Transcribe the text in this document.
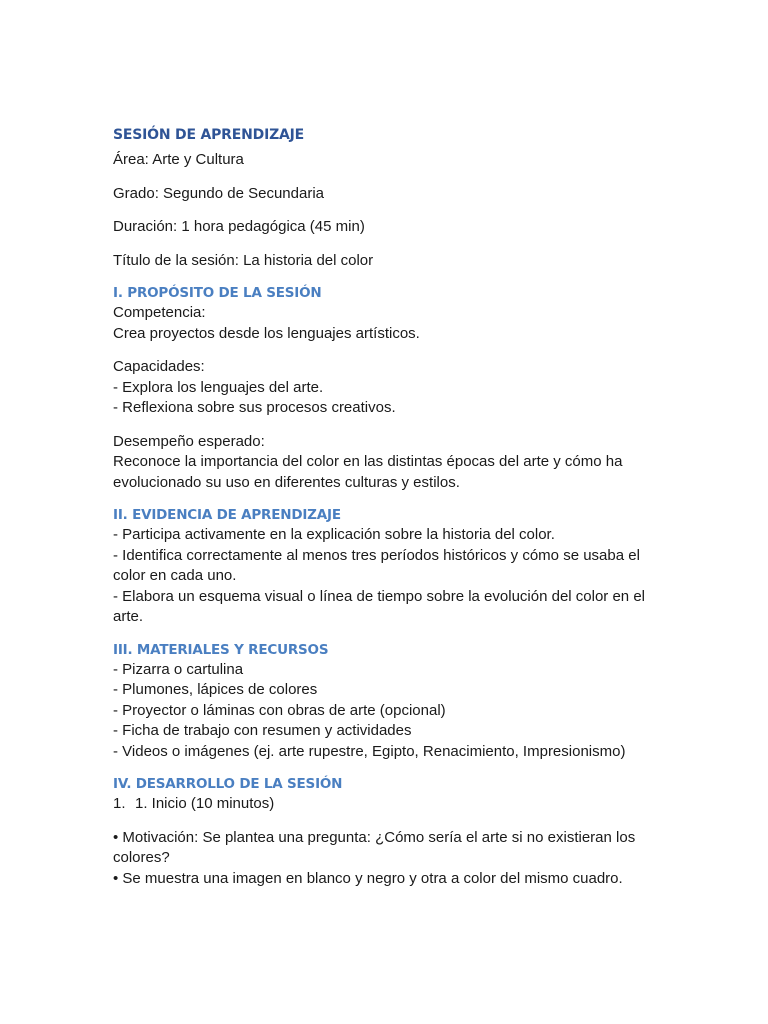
SESIÓN DE APRENDIZAJE

Área: Arte y Cultura

Grado: Segundo de Secundaria

Duración: 1 hora pedagógica (45 min)

Título de la sesión: La historia del color

I. PROPÓSITO DE LA SESIÓN

Competencia:

Crea proyectos desde los lenguajes artísticos.

Capacidades:

- Explora los lenguajes del arte.

- Reflexiona sobre sus procesos creativos.

Desempeño esperado:

Reconoce la importancia del color en las distintas épocas del arte y cómo ha

evolucionado su uso en diferentes culturas y estilos.

II. EVIDENCIA DE APRENDIZAJE

- Participa activamente en la explicación sobre la historia del color.

- Identifica correctamente al menos tres períodos históricos y cómo se usaba el

color en cada uno.

- Elabora un esquema visual o línea de tiempo sobre la evolución del color en el

arte.

III. MATERIALES Y RECURSOS

- Pizarra o cartulina

- Plumones, lápices de colores

- Proyector o láminas con obras de arte (opcional)

- Ficha de trabajo con resumen y actividades

- Videos o imágenes (ej. arte rupestre, Egipto, Renacimiento, Impresionismo)

IV. DESARROLLO DE LA SESIÓN

1. 1. Inicio (10 minutos)

• Motivación: Se plantea una pregunta: ¿Cómo sería el arte si no existieran los

colores?

• Se muestra una imagen en blanco y negro y otra a color del mismo cuadro.
